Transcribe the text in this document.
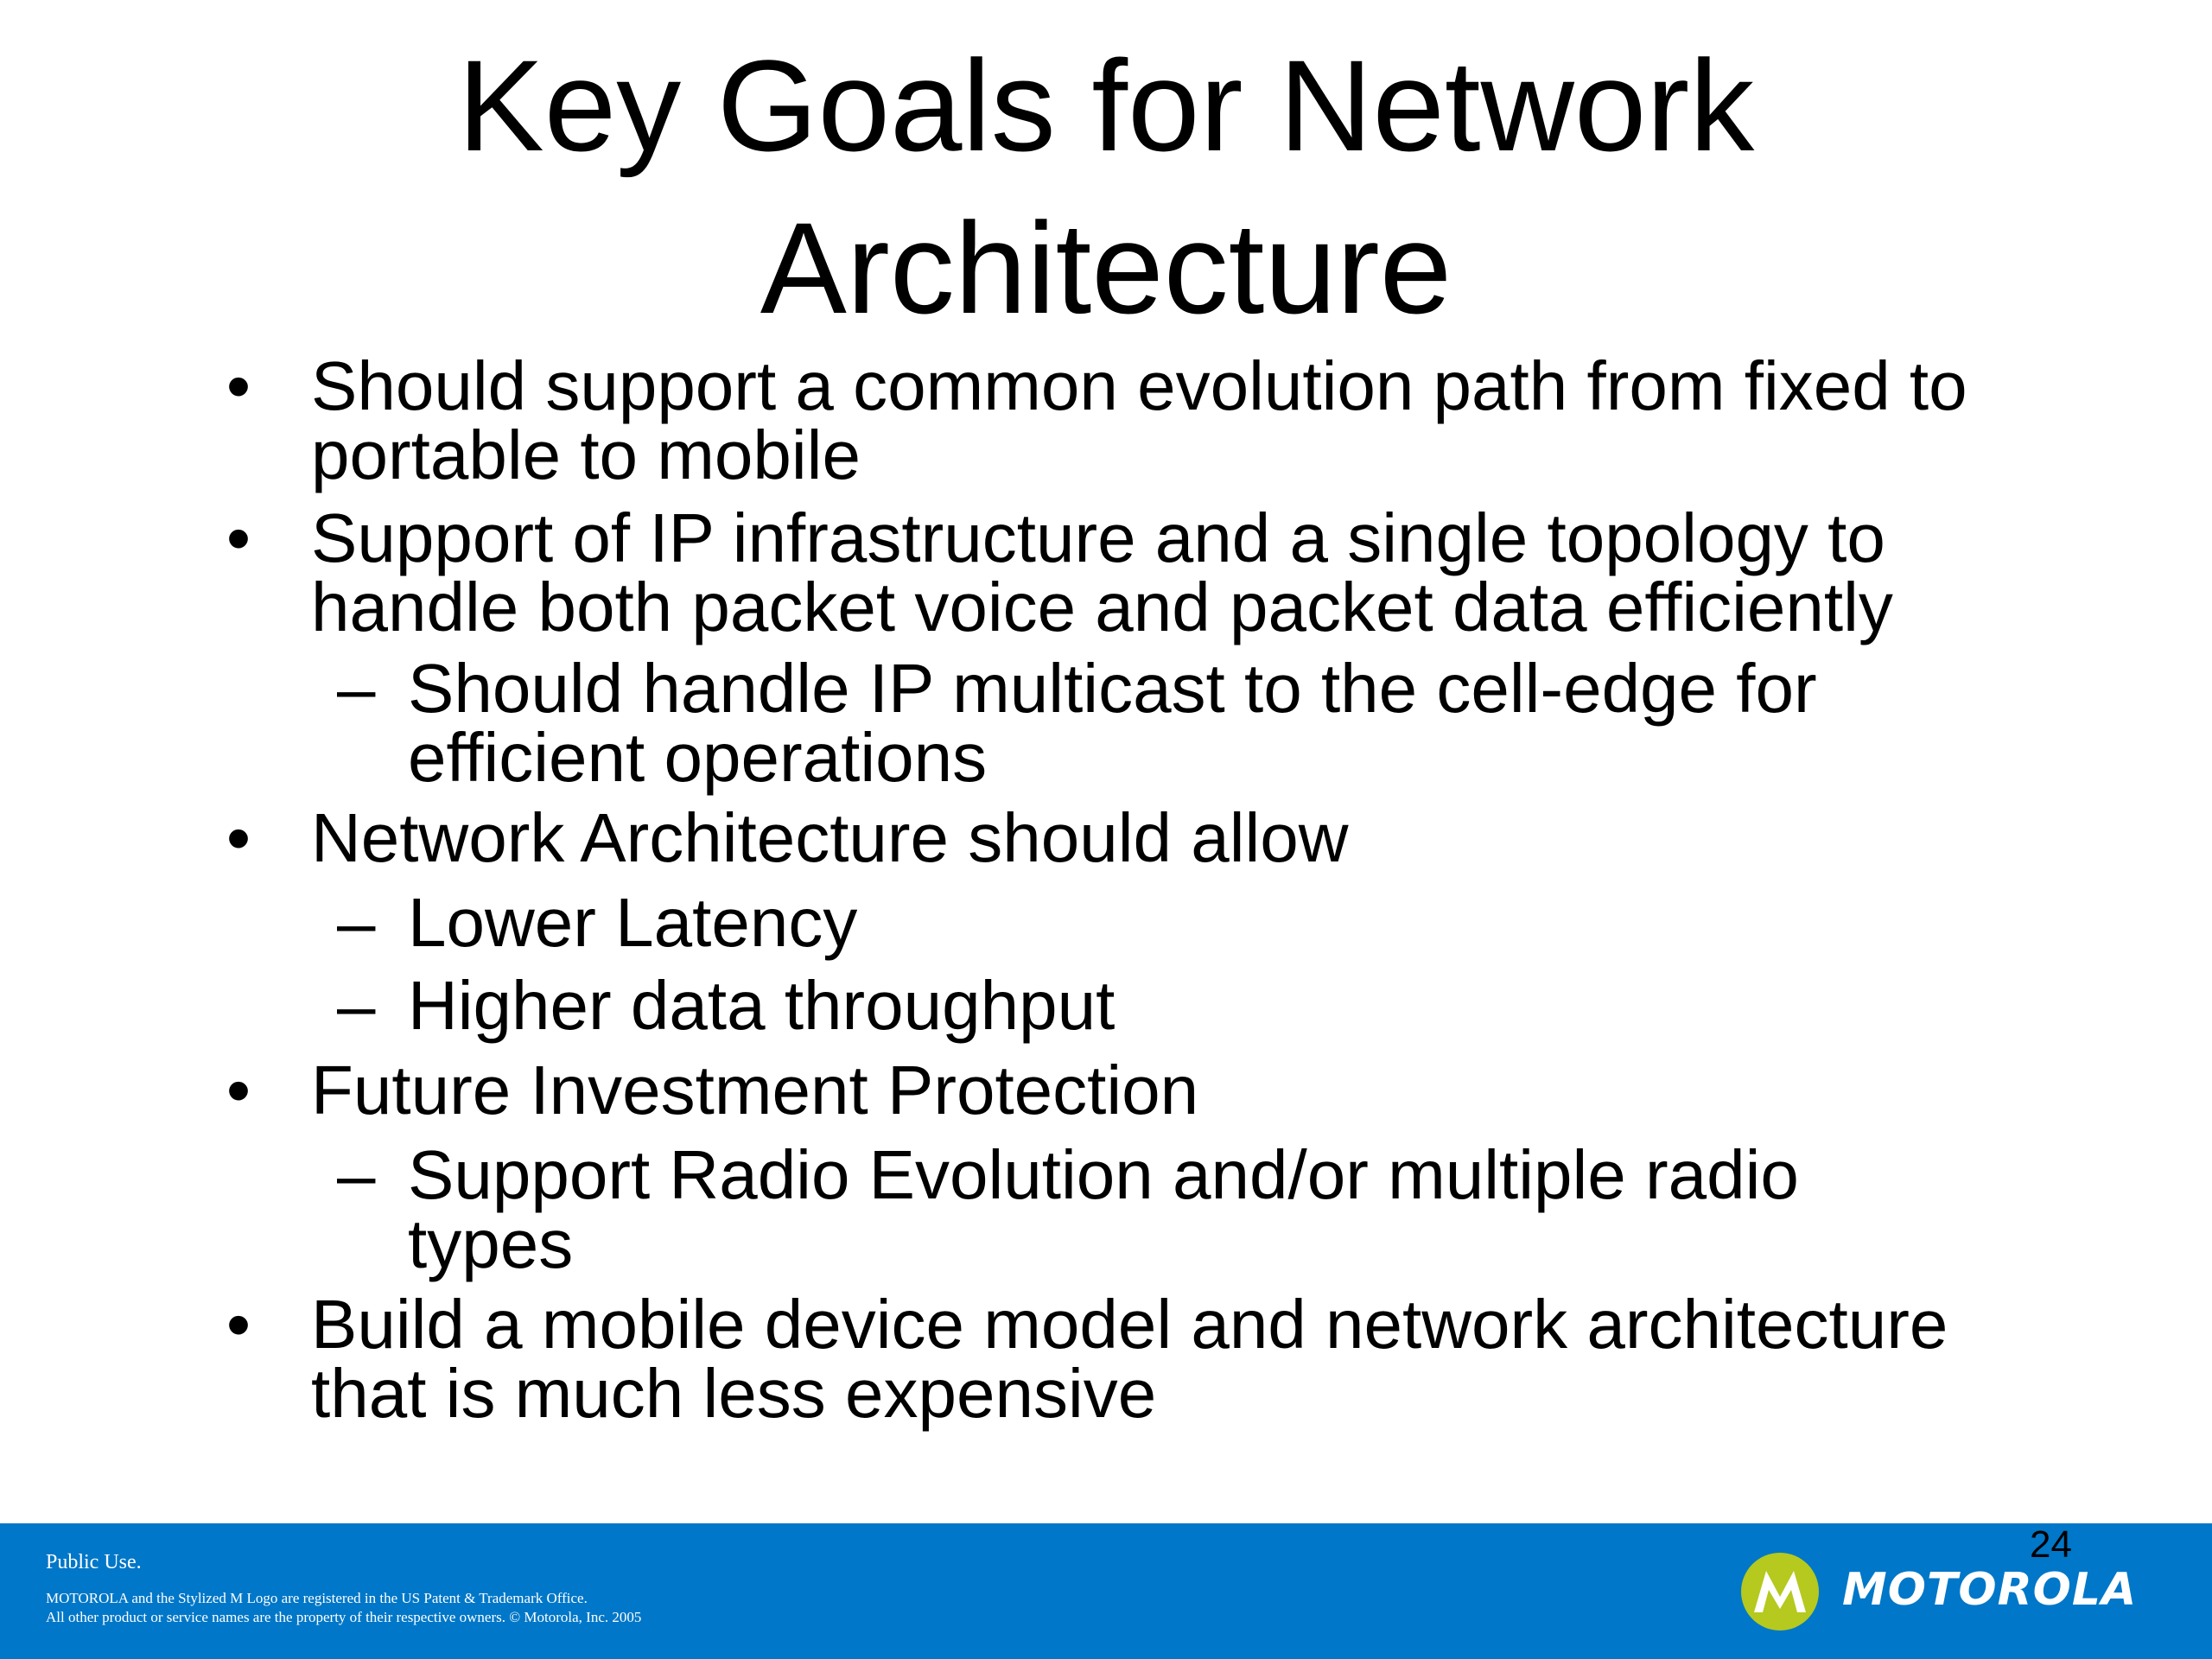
Key Goals for Network
Architecture
• Should support a common evolution path from fixed to
portable to mobile
• Support of IP infrastructure and a single topology to
handle both packet voice and packet data efficiently
– Should handle IP multicast to the cell-edge for
efficient operations
• Network Architecture should allow
– Lower Latency
– Higher data throughput
• Future Investment Protection
– Support Radio Evolution and/or multiple radio
types
• Build a mobile device model and network architecture
that is much less expensive
Public Use.
MOTOROLA and the Stylized M Logo are registered in the US Patent & Trademark Office.
All other product or service names are the property of their respective owners. © Motorola, Inc. 2005
24
MOTOROLA
